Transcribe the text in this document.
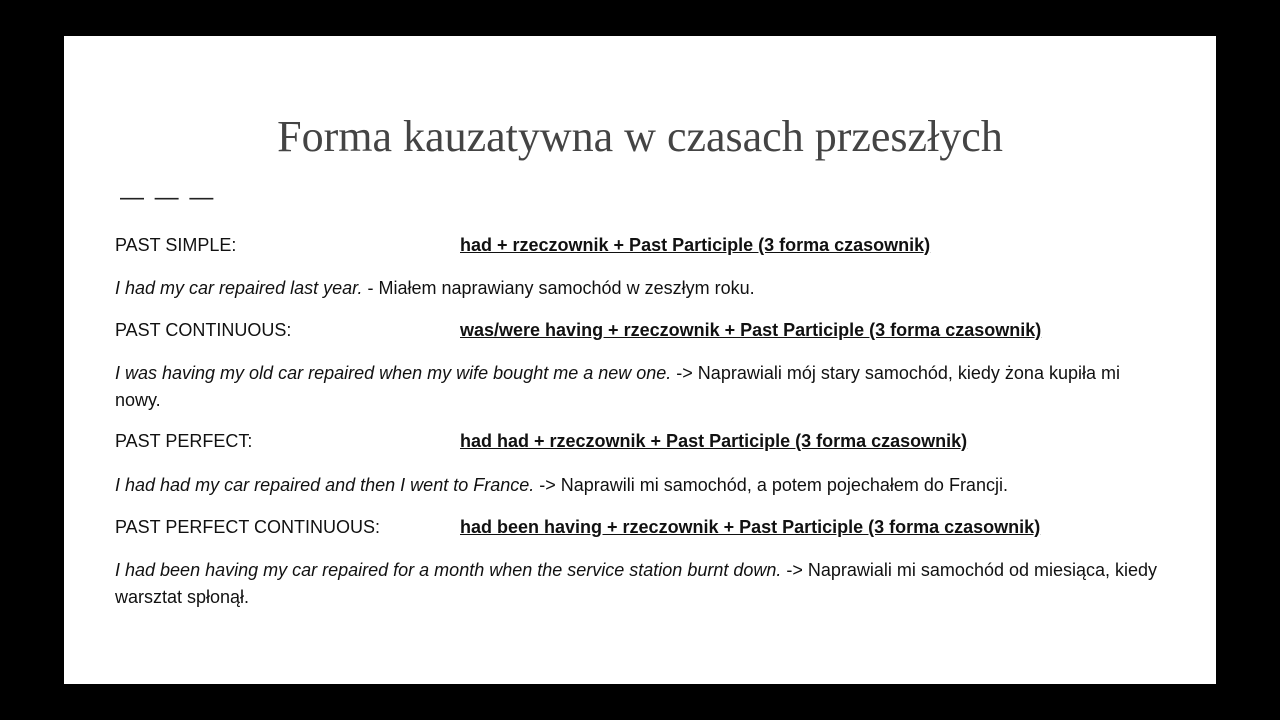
Forma kauzatywna w czasach przeszłych
— — —
PAST SIMPLE:	had + rzeczownik + Past Participle (3 forma czasownik)
I had my car repaired last year. - Miałem naprawiany samochód w zeszłym roku.
PAST CONTINUOUS:	was/were having + rzeczownik + Past Participle (3 forma czasownik)
I was having my old car repaired when my wife bought me a new one. -> Naprawiali mój stary samochód, kiedy żona kupiła mi nowy.
PAST PERFECT:	had had + rzeczownik + Past Participle (3 forma czasownik)
I had had my car repaired and then I went to France. -> Naprawili mi samochód, a potem pojechałem do Francji.
PAST PERFECT CONTINUOUS:	had been having + rzeczownik + Past Participle (3 forma czasownik)
I had been having my car repaired for a month when the service station burnt down. -> Naprawiali mi samochód od miesiąca, kiedy warsztat spłonął.
